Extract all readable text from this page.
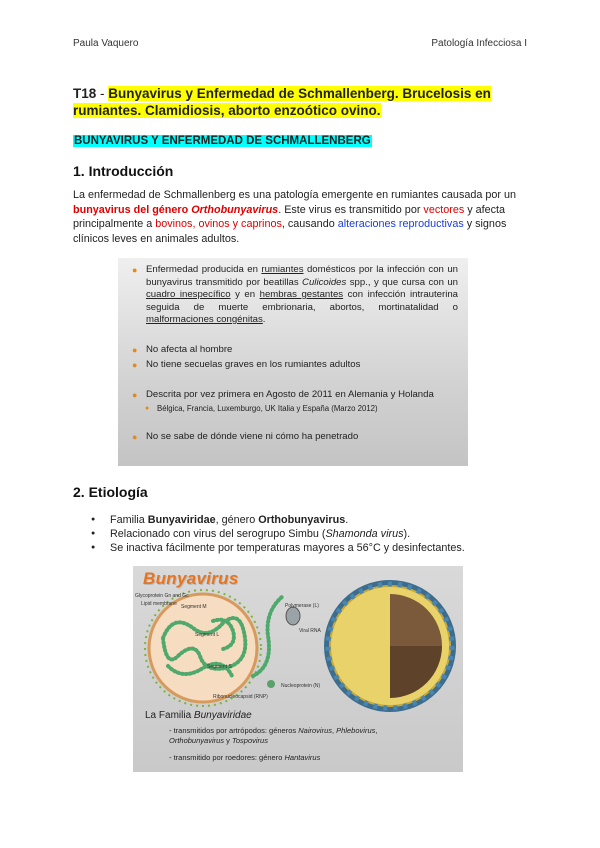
Paula Vaquero	Patología Infecciosa I
T18 - Bunyavirus y Enfermedad de Schmallenberg. Brucelosis en rumiantes. Clamidiosis, aborto enzoótico ovino.
BUNYAVIRUS Y ENFERMEDAD DE SCHMALLENBERG
1. Introducción
La enfermedad de Schmallenberg es una patología emergente en rumiantes causada por un bunyavirus del género Orthobunyavirus. Este virus es transmitido por vectores y afecta principalmente a bovinos, ovinos y caprinos, causando alteraciones reproductivas y signos clínicos leves en animales adultos.
● Enfermedad producida en rumiantes domésticos por la infección con un bunyavirus transmitido por beatillas Culicoides spp., y que cursa con un cuadro inespecífico y en hembras gestantes con infección intrauterina seguida de muerte embrionaria, abortos, mortinatalidad o malformaciones congénitas.
● No afecta al hombre
● No tiene secuelas graves en los rumiantes adultos
● Descrita por vez primera en Agosto de 2011 en Alemania y Holanda
● Bélgica, Francia, Luxemburgo, UK Italia y España (Marzo 2012)
● No se sabe de dónde viene ni cómo ha penetrado
2. Etiología
● Familia Bunyaviridae, género Orthobunyavirus.
● Relacionado con virus del serogrupo Simbu (Shamonda virus).
● Se inactiva fácilmente por temperaturas mayores a 56°C y desinfectantes.
Bunyavirus
Glycoprotein Gn and Gc
Lipid membrane Segment M
Segment L
Segment S
Polymerase (L)
Viral RNA
Ribonucleocapsid (RNP)
Nucleoprotein (N)
La Familia Bunyaviridae
- transmitidos por artrópodos: géneros Nairovirus, Phlebovirus,
Orthobunyavirus y Tospovirus
- transmitido por roedores: género Hantavirus
